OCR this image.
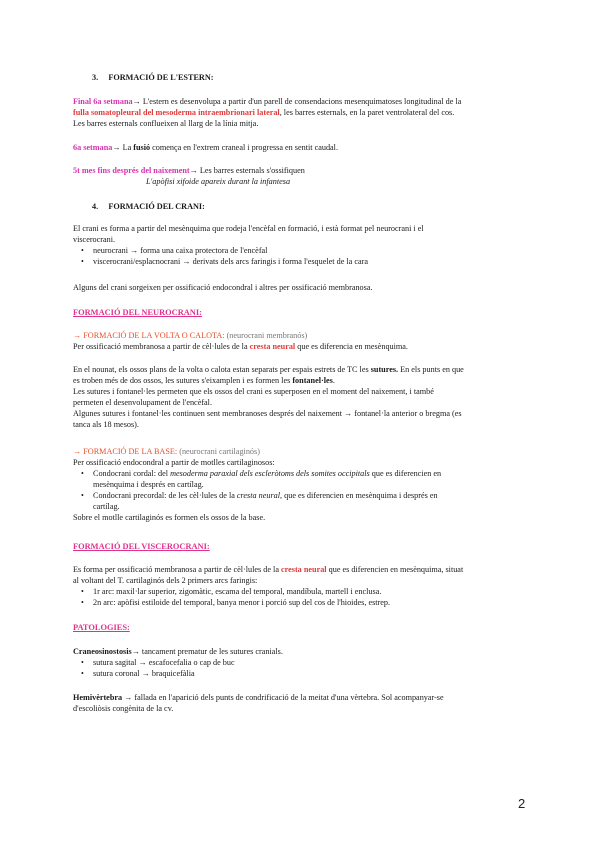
3. FORMACIÓ DE L'ESTERN:
Final 6a setmana→ L'estern es desenvolupa a partir d'un parell de consendacions mesenquimatoses longitudinal de la
fulla somatopleural del mesoderma intraembrionari lateral, les barres esternals, en la paret ventrolateral del cos.
Les barres esternals conflueixen al llarg de la línia mitja.
6a setmana→ La fusió comença en l'extrem craneal i progressa en sentit caudal.
5t mes fins després del naixement→ Les barres esternals s'ossifiquen
L'apòfisi xifoide apareix durant la infantesa
4. FORMACIÓ DEL CRANI:
El crani es forma a partir del mesènquima que rodeja l'encèfal en formació, i està format pel neurocrani i el
viscerocrani.
• neurocrani → forma una caixa protectora de l'encèfal
• viscerocrani/esplacnocrani → derivats dels arcs faringis i forma l'esquelet de la cara
Alguns del crani sorgeixen per ossificació endocondral i altres per ossificació membranosa.
FORMACIÓ DEL NEUROCRANI:
→ FORMACIÓ DE LA VOLTA O CALOTA: (neurocrani membranós)
Per ossificació membranosa a partir de cèl·lules de la cresta neural que es diferencia en mesènquima.
En el nounat, els ossos plans de la volta o calota estan separats per espais estrets de TC les sutures. En els punts en que
es troben més de dos ossos, les sutures s'eixamplen i es formen les fontanel·les.
Les sutures i fontanel·les permeten que els ossos del crani es superposen en el moment del naixement, i també
permeten el desenvolupament de l'encèfal.
Algunes sutures i fontanel·les continuen sent membranoses després del naixement → fontanel·la anterior o bregma (es
tanca als 18 mesos).
→ FORMACIÓ DE LA BASE: (neurocrani cartilaginós)
Per ossificació endocondral a partir de motlles cartilaginosos:
• Condocrani cordal: del mesoderma paraxial dels escleròtoms dels somites occipitals que es diferencien en
mesènquima i després en cartílag.
• Condocrani precordal: de les cèl·lules de la cresta neural, que es diferencien en mesènquima i després en
cartílag.
Sobre el motlle cartilaginós es formen els ossos de la base.
FORMACIÓ DEL VISCEROCRANI:
Es forma per ossificació membranosa a partir de cèl·lules de la cresta neural que es diferencien en mesènquima, situat
al voltant del T. cartilaginós dels 2 primers arcs faringis:
• 1r arc: maxil·lar superior, zigomàtic, escama del temporal, mandíbula, martell i enclusa.
• 2n arc: apòfisi estiloide del temporal, banya menor i porció sup del cos de l'hioides, estrep.
PATOLOGIES:
Craneosinostosis→ tancament prematur de les sutures cranials.
• sutura sagital → escafocefalia o cap de buc
• sutura coronal → braquicefàlia
Hemivèrtebra → fallada en l'aparició dels punts de condrificació de la meitat d'una vèrtebra. Sol acompanyar-se
d'escoliòsis congènita de la cv.
2
